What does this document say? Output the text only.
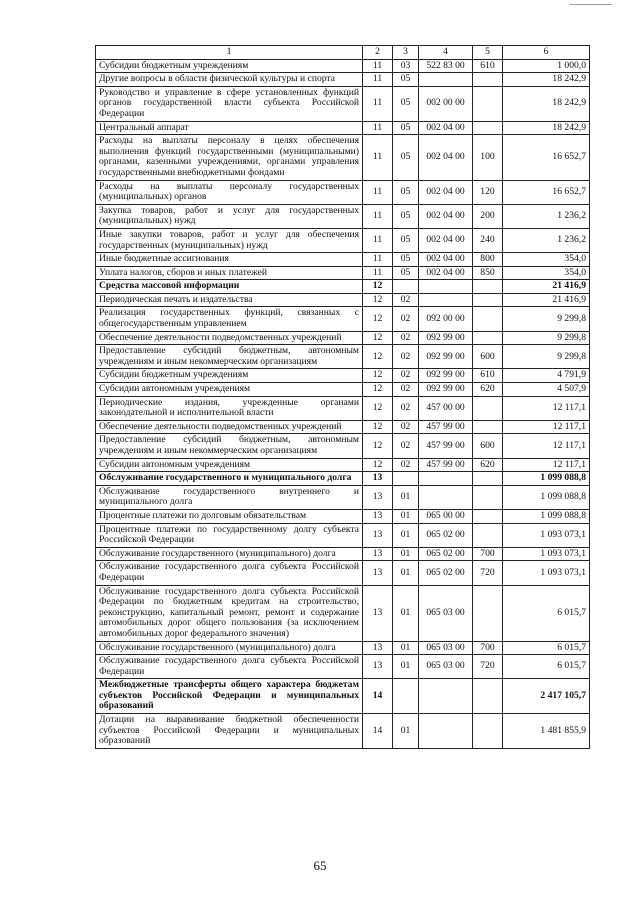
1	2	3	4	5	6
Субсидии бюджетным учреждениям	11	03	522 83 00	610	1 000,0
Другие вопросы в области физической культуры и спорта	11	05			18 242,9
Руководство и управление в сфере установленных функций органов государственной власти субъекта Российской Федерации	11	05	002 00 00		18 242,9
Центральный аппарат	11	05	002 04 00		18 242,9
Расходы на выплаты персоналу в целях обеспечения выполнения функций государственными (муниципальными) органами, казенными учреждениями, органами управления государственными внебюджетными фондами	11	05	002 04 00	100	16 652,7
Расходы на выплаты персоналу государственных (муниципальных) органов	11	05	002 04 00	120	16 652,7
Закупка товаров, работ и услуг для государственных (муниципальных) нужд	11	05	002 04 00	200	1 236,2
Иные закупки товаров, работ и услуг для обеспечения государственных (муниципальных) нужд	11	05	002 04 00	240	1 236,2
Иные бюджетные ассигнования	11	05	002 04 00	800	354,0
Уплата налогов, сборов и иных платежей	11	05	002 04 00	850	354,0
Средства массовой информации	12				21 416,9
Периодическая печать и издательства	12	02			21 416,9
Реализация государственных функций, связанных с общегосударственным управлением	12	02	092 00 00		9 299,8
Обеспечение деятельности подведомственных учреждений	12	02	092 99 00		9 299,8
Предоставление субсидий бюджетным, автономным учреждениям и иным некоммерческим организациям	12	02	092 99 00	600	9 299,8
Субсидии бюджетным учреждениям	12	02	092 99 00	610	4 791,9
Субсидии автономным учреждениям	12	02	092 99 00	620	4 507,9
Периодические издания, учрежденные органами законодательной и исполнительной власти	12	02	457 00 00		12 117,1
Обеспечение деятельности подведомственных учреждений	12	02	457 99 00		12 117,1
Предоставление субсидий бюджетным, автономным учреждениям и иным некоммерческим организациям	12	02	457 99 00	600	12 117,1
Субсидии автономным учреждениям	12	02	457 99 00	620	12 117,1
Обслуживание государственного и муниципального долга	13				1 099 088,8
Обслуживание государственного внутреннего и муниципального долга	13	01			1 099 088,8
Процентные платежи по долговым обязательствам	13	01	065 00 00		1 099 088,8
Процентные платежи по государственному долгу субъекта Российской Федерации	13	01	065 02 00		1 093 073,1
Обслуживание государственного (муниципального) долга	13	01	065 02 00	700	1 093 073,1
Обслуживание государственного долга субъекта Российской Федерации	13	01	065 02 00	720	1 093 073,1
Обслуживание государственного долга субъекта Российской Федерации по бюджетным кредитам на строительство, реконструкцию, капитальный ремонт, ремонт и содержание автомобильных дорог общего пользования (за исключением автомобильных дорог федерального значения)	13	01	065 03 00		6 015,7
Обслуживание государственного (муниципального) долга	13	01	065 03 00	700	6 015,7
Обслуживание государственного долга субъекта Российской Федерации	13	01	065 03 00	720	6 015,7
Межбюджетные трансферты общего характера бюджетам субъектов Российской Федерации и муниципальных образований	14				2 417 105,7
Дотации на выравнивание бюджетной обеспеченности субъектов Российской Федерации и муниципальных образований	14	01			1 481 855,9
65
